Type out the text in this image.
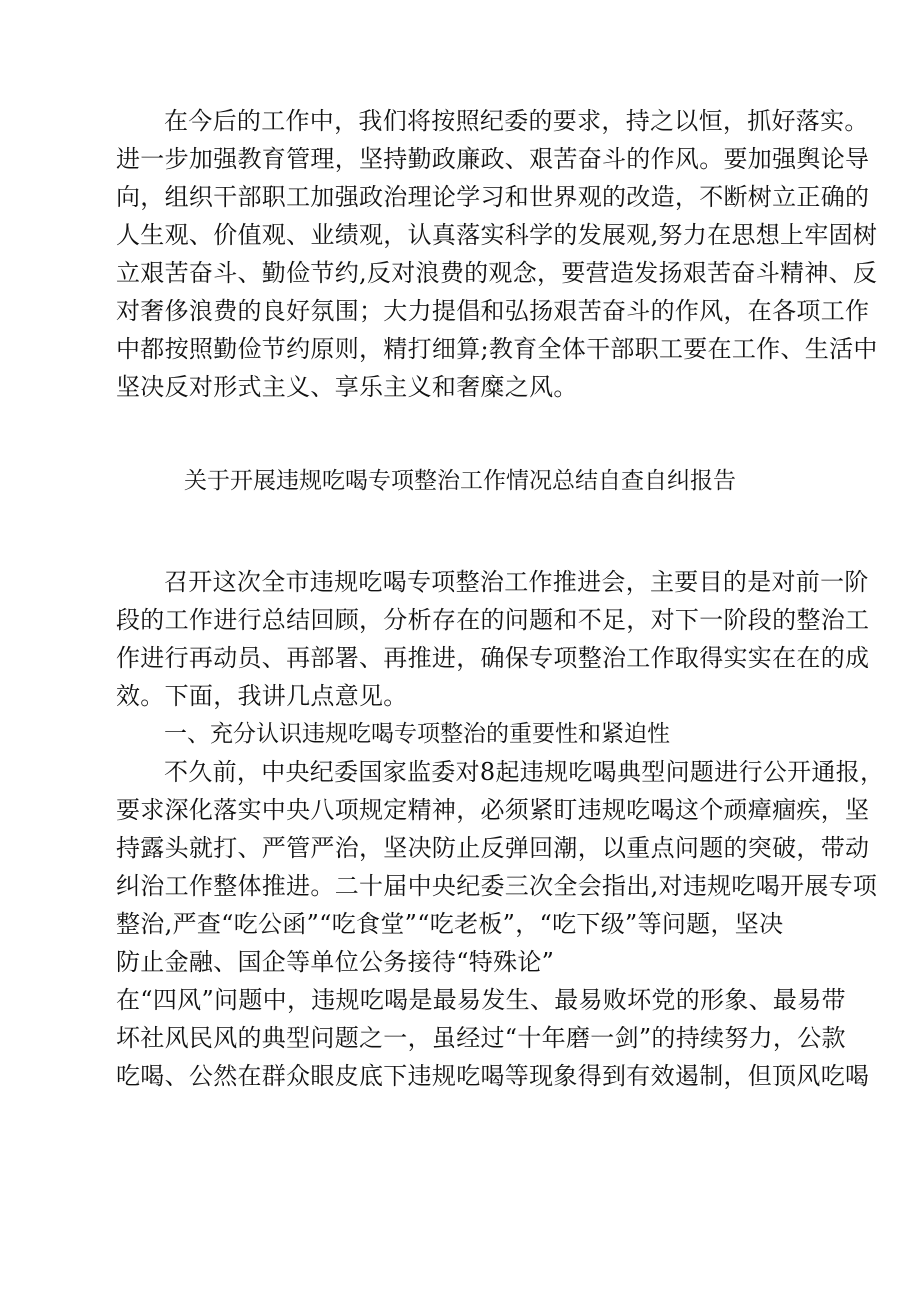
在今后的工作中，我们将按照纪委的要求，持之以恒，抓好落实。
进一步加强教育管理，坚持勤政廉政、艰苦奋斗的作风。要加强舆论导
向，组织干部职工加强政治理论学习和世界观的改造，不断树立正确的
人生观、价值观、业绩观，认真落实科学的发展观,努力在思想上牢固树
立艰苦奋斗、勤俭节约,反对浪费的观念，要营造发扬艰苦奋斗精神、反
对奢侈浪费的良好氛围；大力提倡和弘扬艰苦奋斗的作风，在各项工作
中都按照勤俭节约原则，精打细算;教育全体干部职工要在工作、生活中
坚决反对形式主义、享乐主义和奢糜之风。
关于开展违规吃喝专项整治工作情况总结自查自纠报告
召开这次全市违规吃喝专项整治工作推进会，主要目的是对前一阶
段的工作进行总结回顾，分析存在的问题和不足，对下一阶段的整治工
作进行再动员、再部署、再推进，确保专项整治工作取得实实在在的成
效。下面，我讲几点意见。
一、充分认识违规吃喝专项整治的重要性和紧迫性
不久前，中央纪委国家监委对8起违规吃喝典型问题进行公开通报，
要求深化落实中央八项规定精神，必须紧盯违规吃喝这个顽瘴痼疾，坚
持露头就打、严管严治，坚决防止反弹回潮，以重点问题的突破，带动
纠治工作整体推进。二十届中央纪委三次全会指出,对违规吃喝开展专项
整治,严查“吃公函”“吃食堂”“吃老板”，“吃下级”等问题，坚决
防止金融、国企等单位公务接待“特殊论”
在“四风”问题中，违规吃喝是最易发生、最易败坏党的形象、最易带
坏社风民风的典型问题之一，虽经过“十年磨一剑”的持续努力，公款
吃喝、公然在群众眼皮底下违规吃喝等现象得到有效遏制，但顶风吃喝
